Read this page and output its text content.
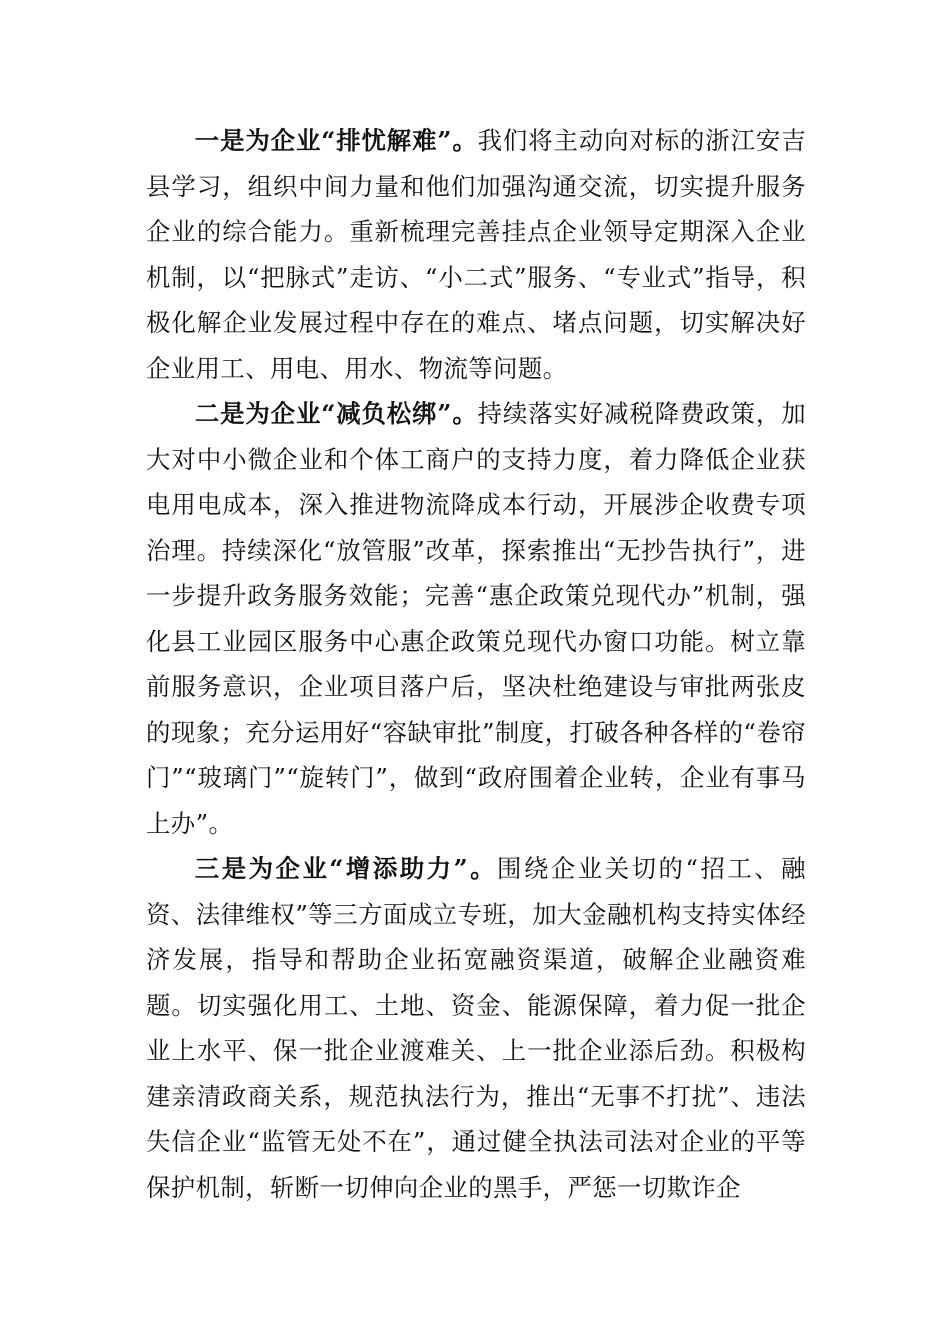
一是为企业“排忧解难”。我们将主动向对标的浙江安吉县学习，组织中间力量和他们加强沟通交流，切实提升服务企业的综合能力。重新梳理完善挂点企业领导定期深入企业机制，以“把脉式”走访、“小二式”服务、“专业式”指导，积极化解企业发展过程中存在的难点、堵点问题，切实解决好企业用工、用电、用水、物流等问题。

二是为企业“减负松绑”。持续落实好减税降费政策，加大对中小微企业和个体工商户的支持力度，着力降低企业获电用电成本，深入推进物流降成本行动，开展涉企收费专项治理。持续深化“放管服”改革，探索推出“无抄告执行”，进一步提升政务服务效能；完善“惠企政策兑现代办”机制，强化县工业园区服务中心惠企政策兑现代办窗口功能。树立靠前服务意识，企业项目落户后，坚决杜绝建设与审批两张皮的现象；充分运用好“容缺审批”制度，打破各种各样的“卷帘门”“玻璃门”“旋转门”，做到“政府围着企业转，企业有事马上办”。

三是为企业“增添助力”。围绕企业关切的“招工、融资、法律维权”等三方面成立专班，加大金融机构支持实体经济发展，指导和帮助企业拓宽融资渠道，破解企业融资难题。切实强化用工、土地、资金、能源保障，着力促一批企业上水平、保一批企业渡难关、上一批企业添后劲。积极构建亲清政商关系，规范执法行为，推出“无事不打扰”、违法失信企业“监管无处不在”，通过健全执法司法对企业的平等保护机制，斩断一切伸向企业的黑手，严惩一切欺诈企
